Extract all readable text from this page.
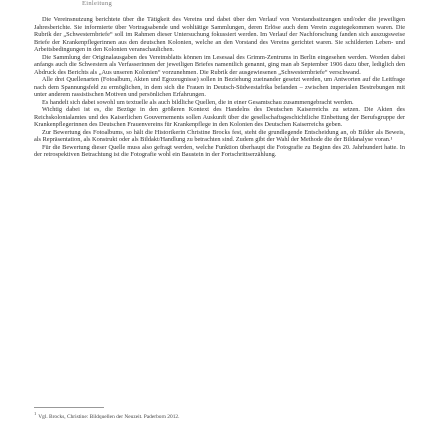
Einleitung

Die Vereinsnutzung berichtete über die Tätigkeit des Vereins und dabei über den Verlauf von Vorstandssitzungen und/oder die jeweiligen Jahresberichte. Sie informierte über Vortragsabende und wohltätige Sammlungen, deren Erlöse auch dem Verein zugutegekommen waren. Die Rubrik der „Schwesternbriefe“ soll im Rahmen dieser Untersuchung fokussiert werden. Im Verlauf der Nachforschung fanden sich auszugsweise Briefe der Krankenpflegerinnen aus den deutschen Kolonien, welche an den Vorstand des Vereins gerichtet waren. Sie schilderten Leben- und Arbeitsbedingungen in den Kolonien veranschaulichen.

Die Sammlung der Originalausgaben des Vereinsblatts können im Lesesaal des Grimm-Zentrums in Berlin eingesehen werden. Worden dabei anfangs auch die Schwestern als Verfasserinnen der jeweiligen Briefes namentlich genannt, ging man ab September 1906 dazu über, lediglich den Abdruck des Berichts als „Aus unseren Kolonien“ vorzunehmen. Die Rubrik der ausgewiesenen „Schwesternbriefe“ verschwand.

Alle drei Quellenarten (Fotoalbum, Akten und Egozeugnisse) sollen in Beziehung zueinander gesetzt werden, um Antworten auf die Leitfrage nach dem Spannungsfeld zu ermöglichen, in dem sich die Frauen in Deutsch-Südwestafrika befanden – zwischen imperialen Bestrebungen mit unter anderem rassistischen Motiven und persönlichen Erfahrungen.

Es handelt sich dabei sowohl um textuelle als auch bildliche Quellen, die in einer Gesamtschau zusammengebracht werden.

Wichtig dabei ist es, die Bezüge in den größeren Kontext des Handelns des Deutschen Kaiserreichs zu setzen. Die Akten des Reichskolonialamtes und des Kaiserlichen Gouvernements sollen Auskunft über die gesellschaftsgeschichtliche Einbettung der Berufsgruppe der Krankenpflegerinnen des Deutschen Frauenvereins für Krankenpflege in den Kolonien des Deutschen Kaiserreichs geben.

Zur Bewertung des Fotoalbums, so hält die Historikerin Christine Brocks fest, steht die grundlegende Entscheidung an, ob Bilder als Beweis, als Repräsentation, als Konstrukt oder als Bildakt/Handlung zu betrachten sind. Zudem gibt der Wahl der Methode die der Bildanalyse voran.¹

Für die Bewertung dieser Quelle muss also gefragt werden, welche Funktion überhaupt die Fotografie zu Beginn des 20. Jahrhundert hatte. In der retrospektiven Betrachtung ist die Fotografie wohl ein Baustein in der Fortschrittserzählung.

$^1$Vgl. Brocks, Christine: Bildquellen der Neuzeit. Paderborn 2012.
